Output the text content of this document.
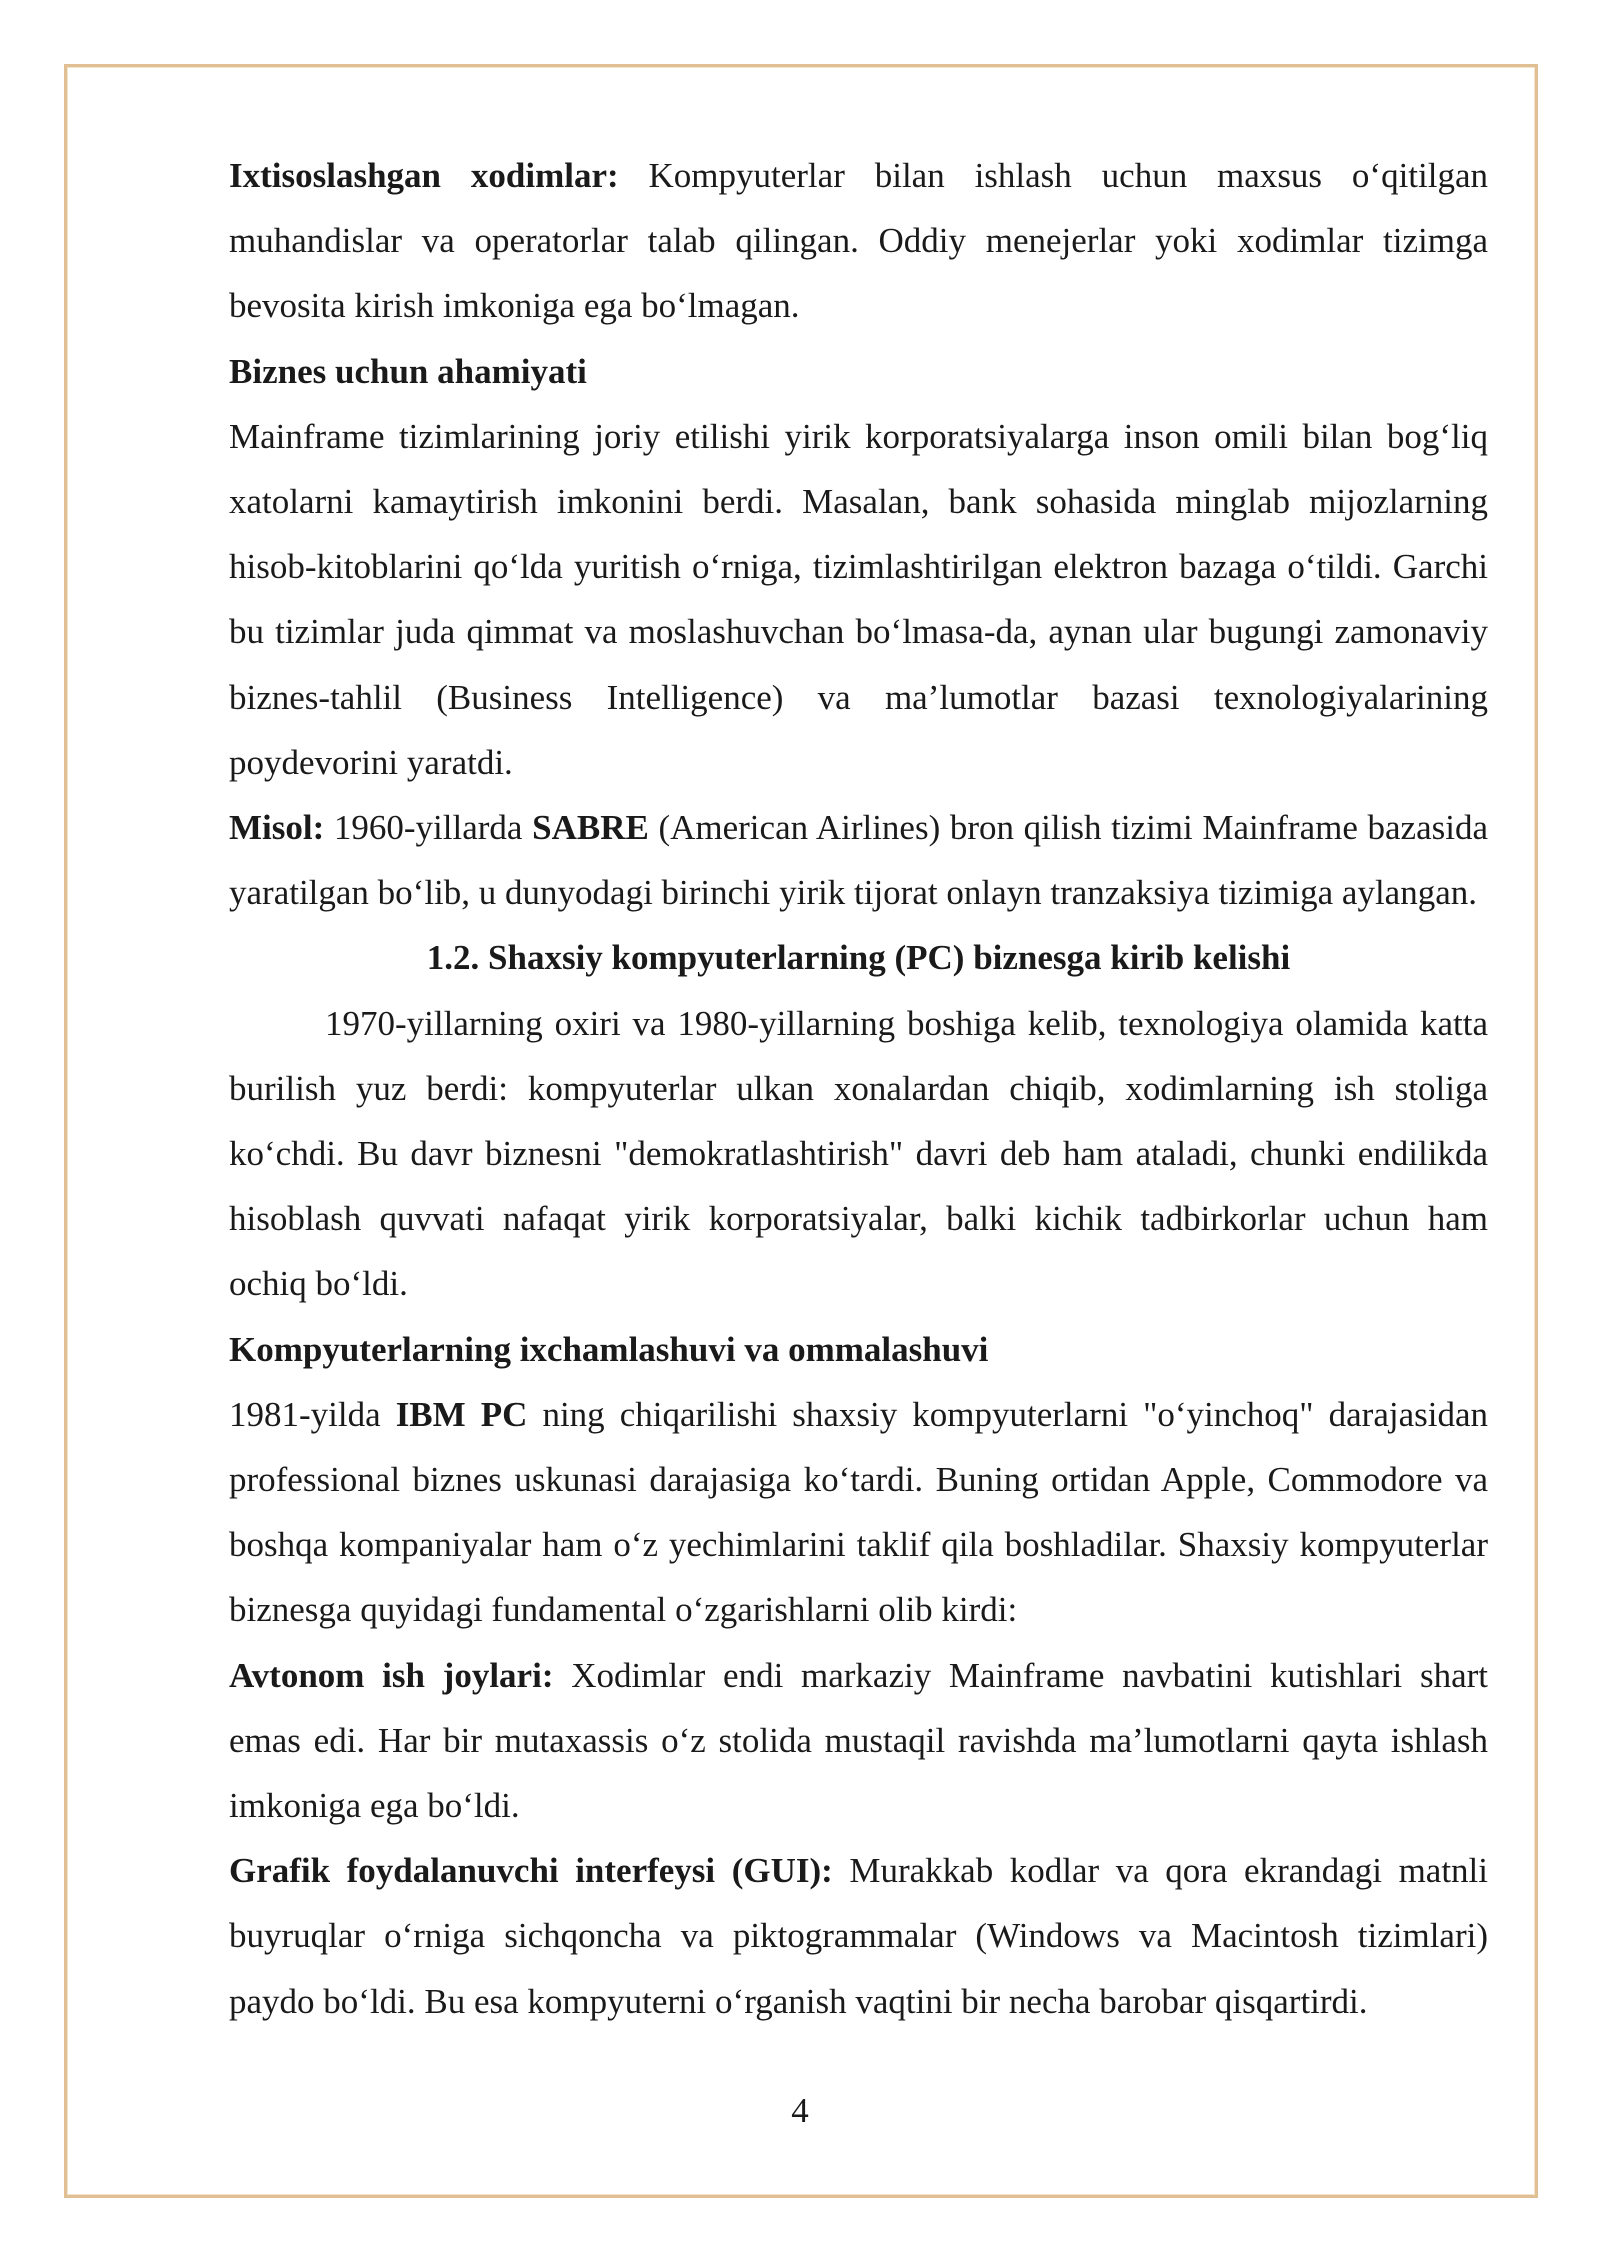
Ixtisoslashgan xodimlar: Kompyuterlar bilan ishlash uchun maxsus o‘qitilgan muhandislar va operatorlar talab qilingan. Oddiy menejerlar yoki xodimlar tizimga bevosita kirish imkoniga ega bo‘lmagan.

Biznes uchun ahamiyati

Mainframe tizimlarining joriy etilishi yirik korporatsiyalarga inson omili bilan bog‘liq xatolarni kamaytirish imkonini berdi. Masalan, bank sohasida minglab mijozlarning hisob-kitoblarini qo‘lda yuritish o‘rniga, tizimlashtirilgan elektron bazaga o‘tildi. Garchi bu tizimlar juda qimmat va moslashuvchan bo‘lmasa-da, aynan ular bugungi zamonaviy biznes-tahlil (Business Intelligence) va ma’lumotlar bazasi texnologiyalarining poydevorini yaratdi.

Misol: 1960-yillarda SABRE (American Airlines) bron qilish tizimi Mainframe bazasida yaratilgan bo‘lib, u dunyodagi birinchi yirik tijorat onlayn tranzaksiya tizimiga aylangan.

1.2. Shaxsiy kompyuterlarning (PC) biznesga kirib kelishi

1970-yillarning oxiri va 1980-yillarning boshiga kelib, texnologiya olamida katta burilish yuz berdi: kompyuterlar ulkan xonalardan chiqib, xodimlarning ish stoliga ko‘chdi. Bu davr biznesni "demokratlashtirish" davri deb ham ataladi, chunki endilikda hisoblash quvvati nafaqat yirik korporatsiyalar, balki kichik tadbirkorlar uchun ham ochiq bo‘ldi.

Kompyuterlarning ixchamlashuvi va ommalashuvi

1981-yilda IBM PC ning chiqarilishi shaxsiy kompyuterlarni "o‘yinchoq" darajasidan professional biznes uskunasi darajasiga ko‘tardi. Buning ortidan Apple, Commodore va boshqa kompaniyalar ham o‘z yechimlarini taklif qila boshladilar. Shaxsiy kompyuterlar biznesga quyidagi fundamental o‘zgarishlarni olib kirdi:

Avtonom ish joylari: Xodimlar endi markaziy Mainframe navbatini kutishlari shart emas edi. Har bir mutaxassis o‘z stolida mustaqil ravishda ma’lumotlarni qayta ishlash imkoniga ega bo‘ldi.

Grafik foydalanuvchi interfeysi (GUI): Murakkab kodlar va qora ekrandagi matnli buyruqlar o‘rniga sichqoncha va piktogrammalar (Windows va Macintosh tizimlari) paydo bo‘ldi. Bu esa kompyuterni o‘rganish vaqtini bir necha barobar qisqartirdi.

4
